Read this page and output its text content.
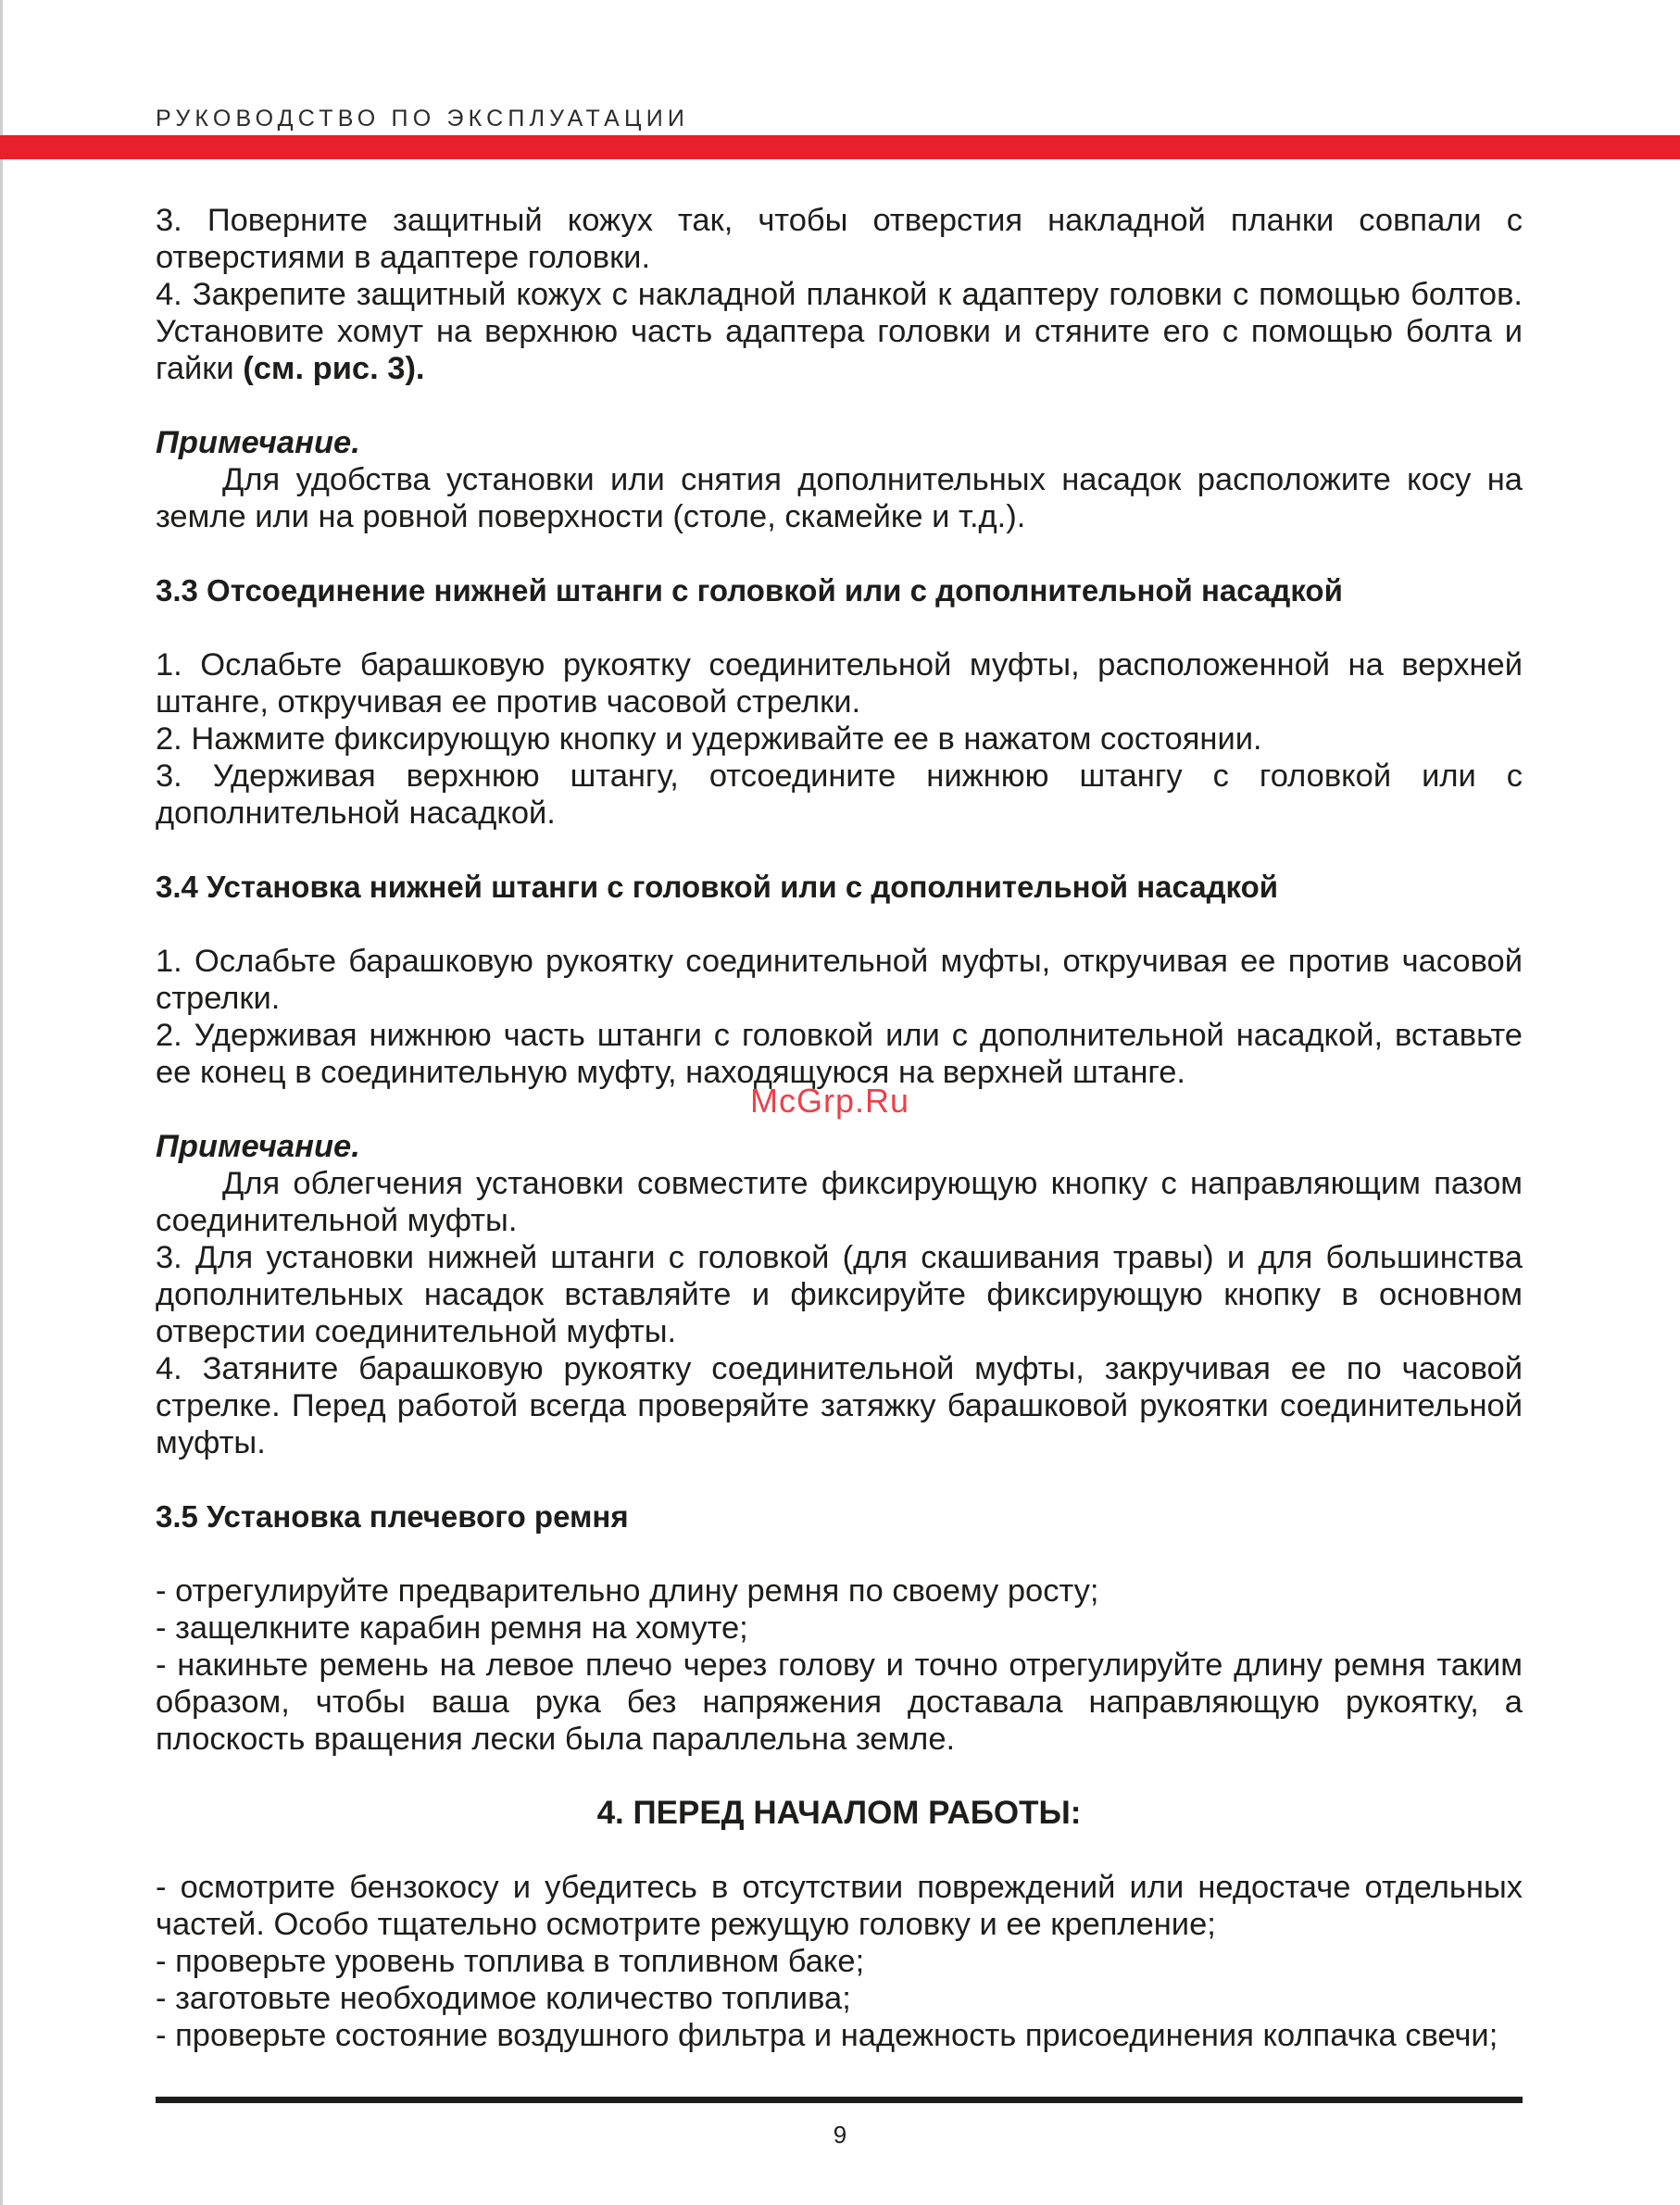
РУКОВОДСТВО ПО ЭКСПЛУАТАЦИИ

3. Поверните защитный кожух так, чтобы отверстия накладной планки совпали с отверстиями в адаптере головки.

4. Закрепите защитный кожух с накладной планкой к адаптеру головки с помощью болтов. Установите хомут на верхнюю часть адаптера головки и стяните его с помощью болта и гайки (см. рис. 3).

Примечание.

Для удобства установки или снятия дополнительных насадок расположите косу на земле или на ровной поверхности (столе, скамейке и т.д.).

3.3 Отсоединение нижней штанги с головкой или с дополнительной насадкой

1. Ослабьте барашковую рукоятку соединительной муфты, расположенной на верхней штанге, откручивая ее против часовой стрелки.

2. Нажмите фиксирующую кнопку и удерживайте ее в нажатом состоянии.

3. Удерживая верхнюю штангу, отсоедините нижнюю штангу с головкой или с дополнительной насадкой.

3.4 Установка нижней штанги с головкой или с дополнительной насадкой

1. Ослабьте барашковую рукоятку соединительной муфты, откручивая ее против часовой стрелки.

2. Удерживая нижнюю часть штанги с головкой или с дополнительной насадкой, вставьте ее конец в соединительную муфту, находящуюся на верхней штанге.

Примечание.

Для облегчения установки совместите фиксирующую кнопку с направляющим пазом соединительной муфты.

3. Для установки нижней штанги с головкой (для скашивания травы) и для большинства дополнительных насадок вставляйте и фиксируйте фиксирующую кнопку в основном отверстии соединительной муфты.

4. Затяните барашковую рукоятку соединительной муфты, закручивая ее по часовой стрелке. Перед работой всегда проверяйте затяжку барашковой рукоятки соединительной муфты.

3.5 Установка плечевого ремня

- отрегулируйте предварительно длину ремня по своему росту;

- защелкните карабин ремня на хомуте;

- накиньте ремень на левое плечо через голову и точно отрегулируйте длину ремня таким образом, чтобы ваша рука без напряжения доставала направляющую рукоятку, а плоскость вращения лески была параллельна земле.

4. ПЕРЕД НАЧАЛОМ РАБОТЫ:

- осмотрите бензокосу и убедитесь в отсутствии повреждений или недостаче отдельных частей. Особо тщательно осмотрите режущую головку и ее крепление;

- проверьте уровень топлива в топливном баке;

- заготовьте необходимое количество топлива;

- проверьте состояние воздушного фильтра и надежность присоединения колпачка свечи;

McGrp.Ru
9
